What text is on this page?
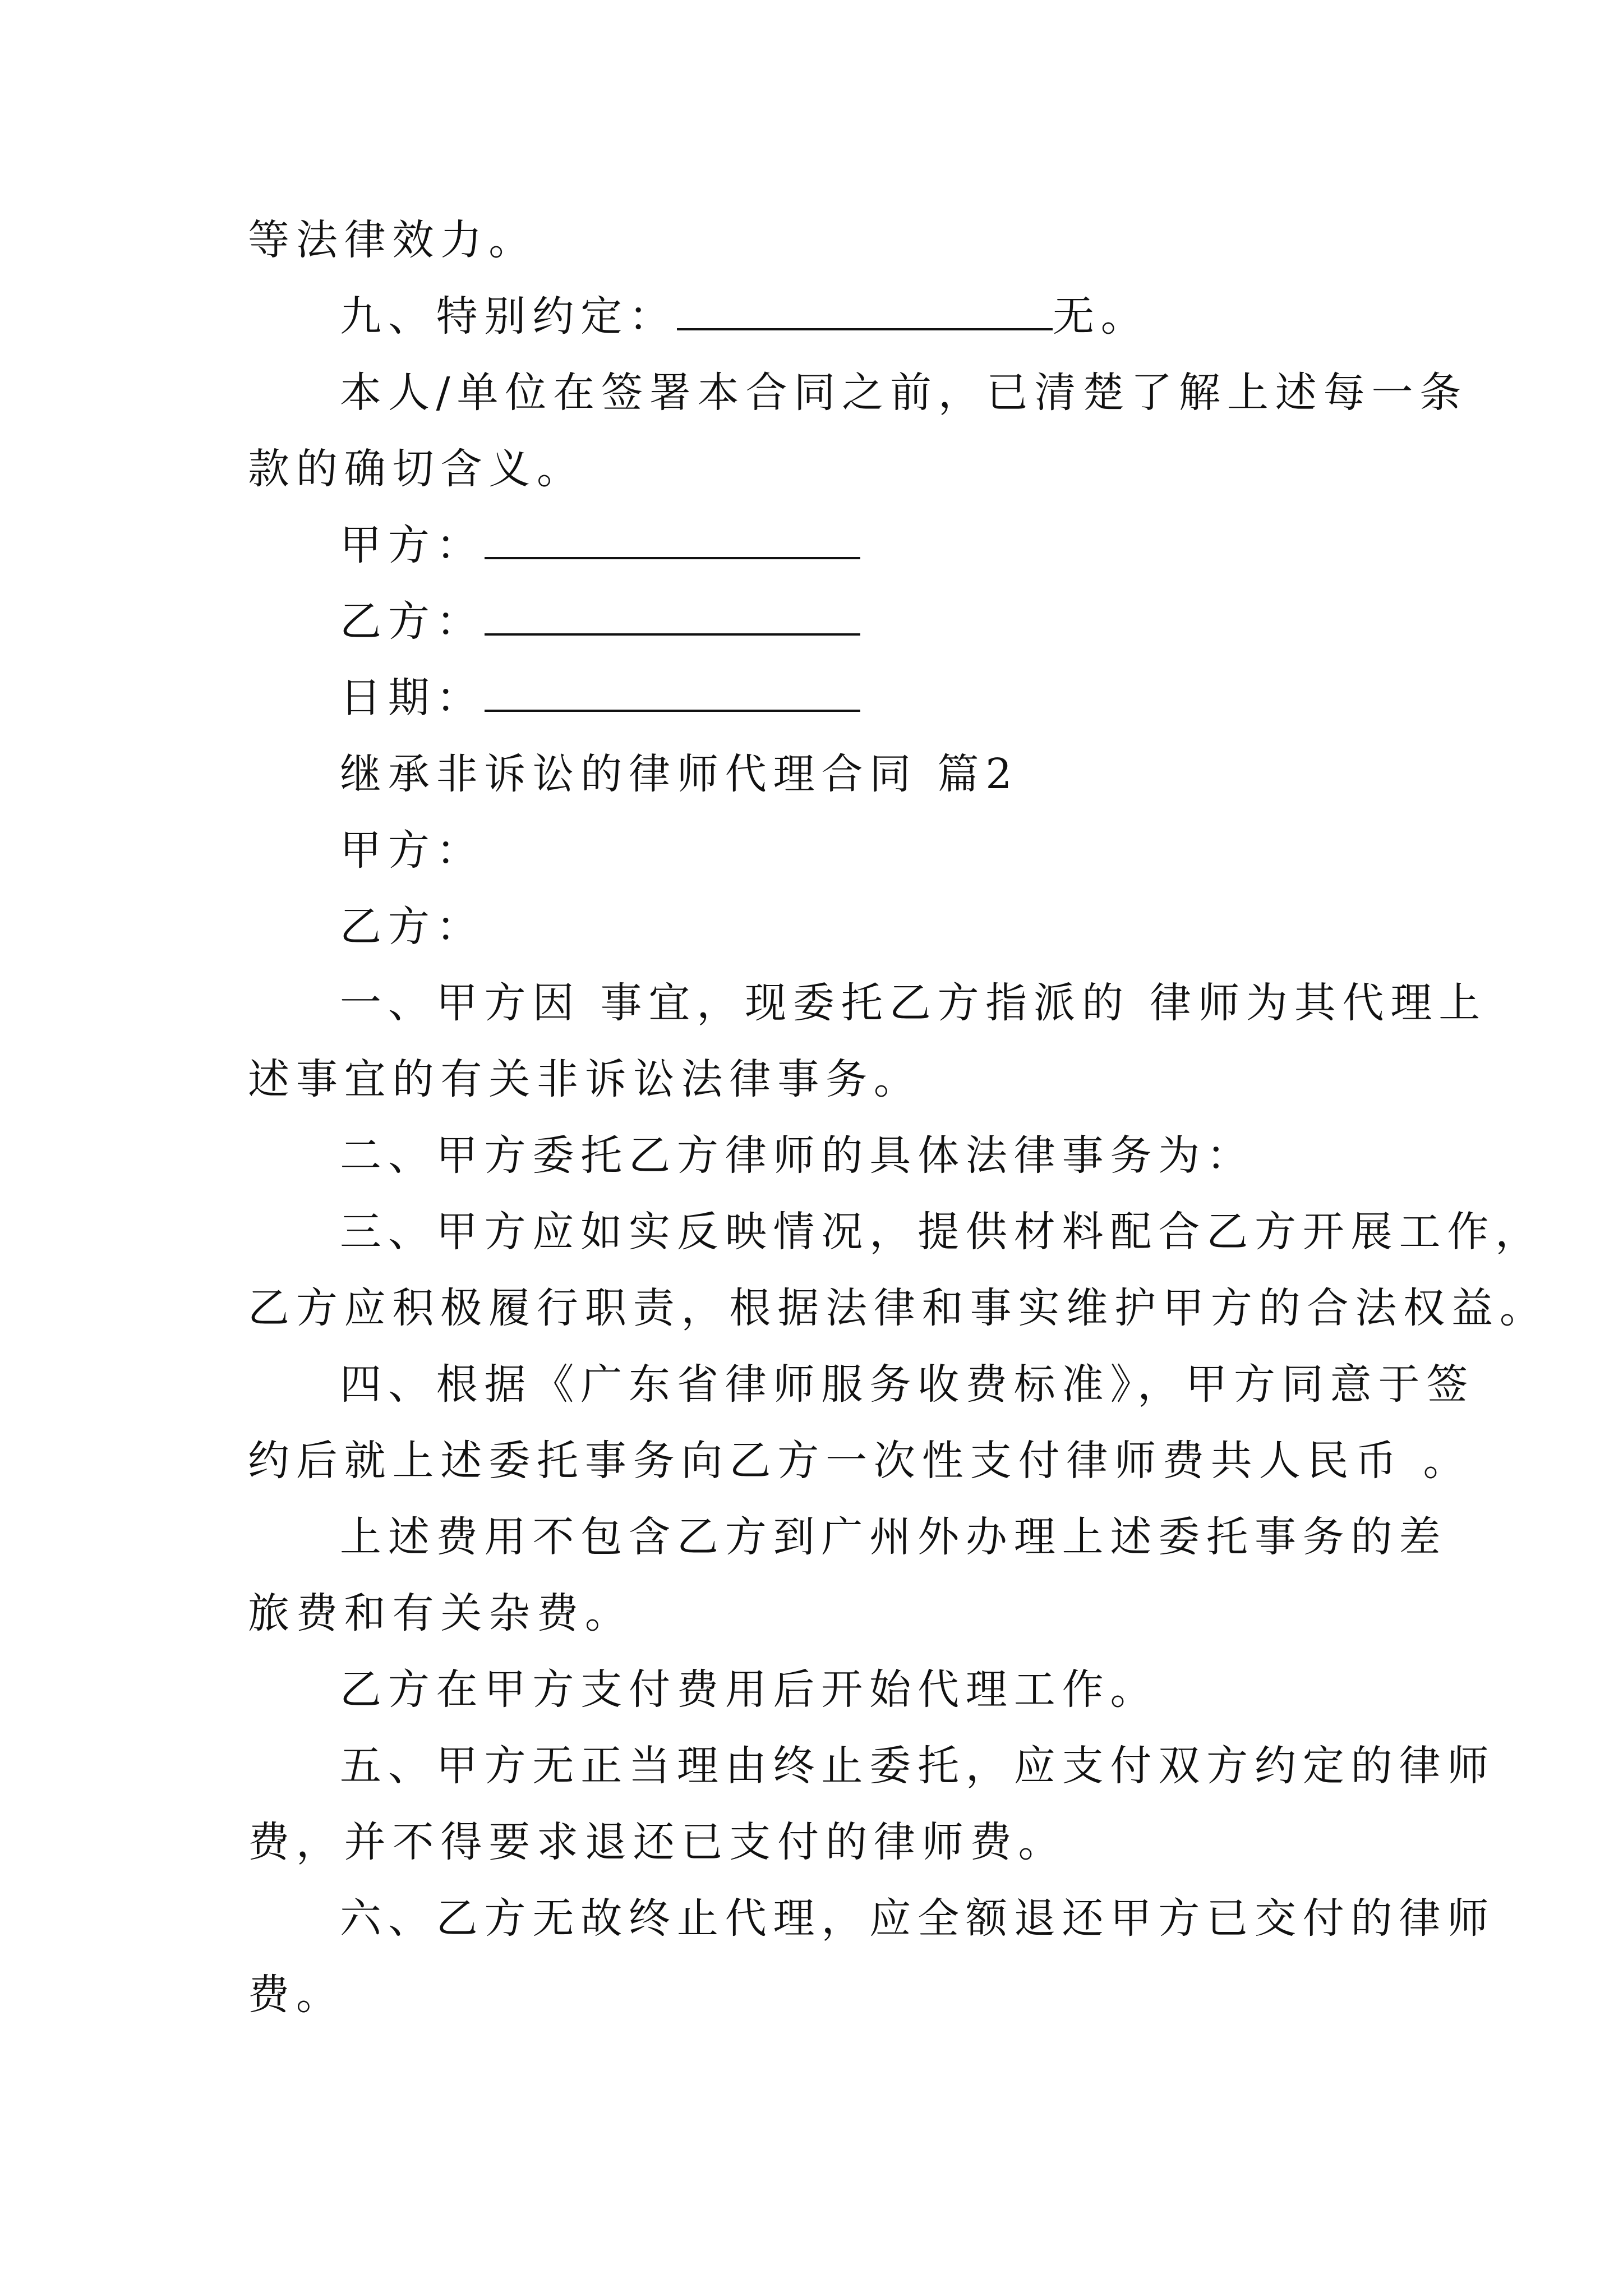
等法律效力。
九、特别约定：	无。
本人/单位在签署本合同之前，已清楚了解上述每一条
款的确切含义。
甲方：
乙方：
日期：
继承非诉讼的律师代理合同 篇2
甲方：
乙方：
一、甲方因 事宜，现委托乙方指派的 律师为其代理上
述事宜的有关非诉讼法律事务。
二、甲方委托乙方律师的具体法律事务为：
三、甲方应如实反映情况，提供材料配合乙方开展工作，
乙方应积极履行职责，根据法律和事实维护甲方的合法权益。
四、根据《广东省律师服务收费标准》，甲方同意于签
约后就上述委托事务向乙方一次性支付律师费共人民币 。
上述费用不包含乙方到广州外办理上述委托事务的差
旅费和有关杂费。
乙方在甲方支付费用后开始代理工作。
五、甲方无正当理由终止委托，应支付双方约定的律师
费，并不得要求退还已支付的律师费。
六、乙方无故终止代理，应全额退还甲方已交付的律师
费。
